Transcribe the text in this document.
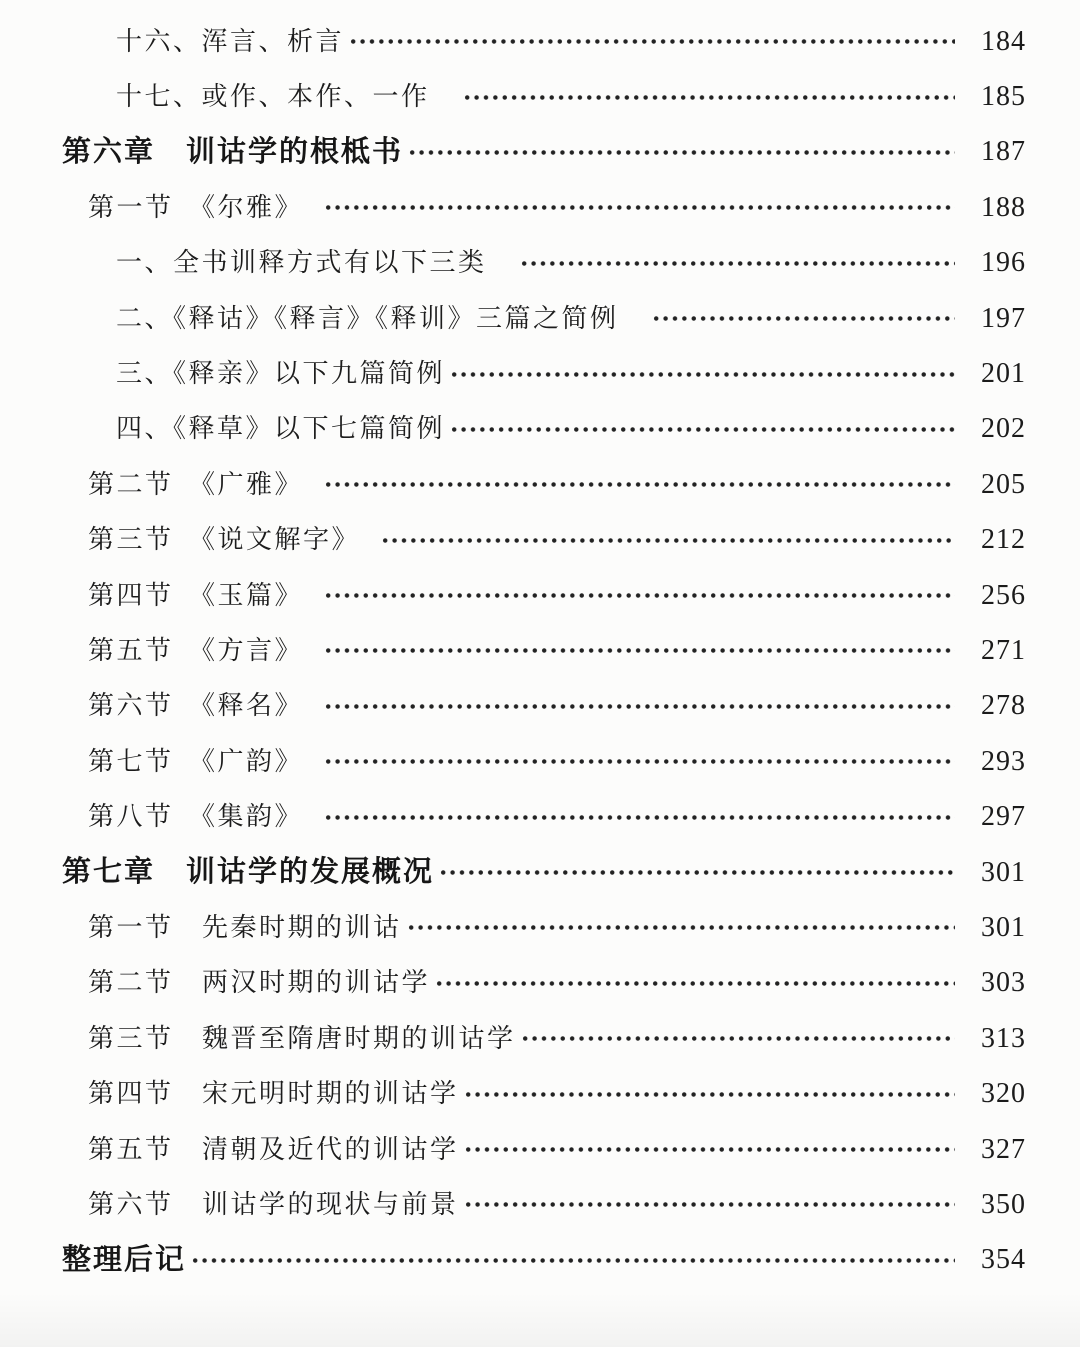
十六、浑言、析言	184
十七、或作、本作、一作　	185
第六章　训诂学的根柢书	187
第一节　《尔雅》　	188
一、全书训释方式有以下三类　	196
二、《释诂》《释言》《释训》三篇之简例　	197
三、《释亲》以下九篇简例	201
四、《释草》以下七篇简例	202
第二节　《广雅》　	205
第三节　《说文解字》　	212
第四节　《玉篇》　	256
第五节　《方言》　	271
第六节　《释名》　	278
第七节　《广韵》　	293
第八节　《集韵》　	297
第七章　训诂学的发展概况	301
第一节　先秦时期的训诂	301
第二节　两汉时期的训诂学	303
第三节　魏晋至隋唐时期的训诂学	313
第四节　宋元明时期的训诂学	320
第五节　清朝及近代的训诂学	327
第六节　训诂学的现状与前景	350
整理后记	354
